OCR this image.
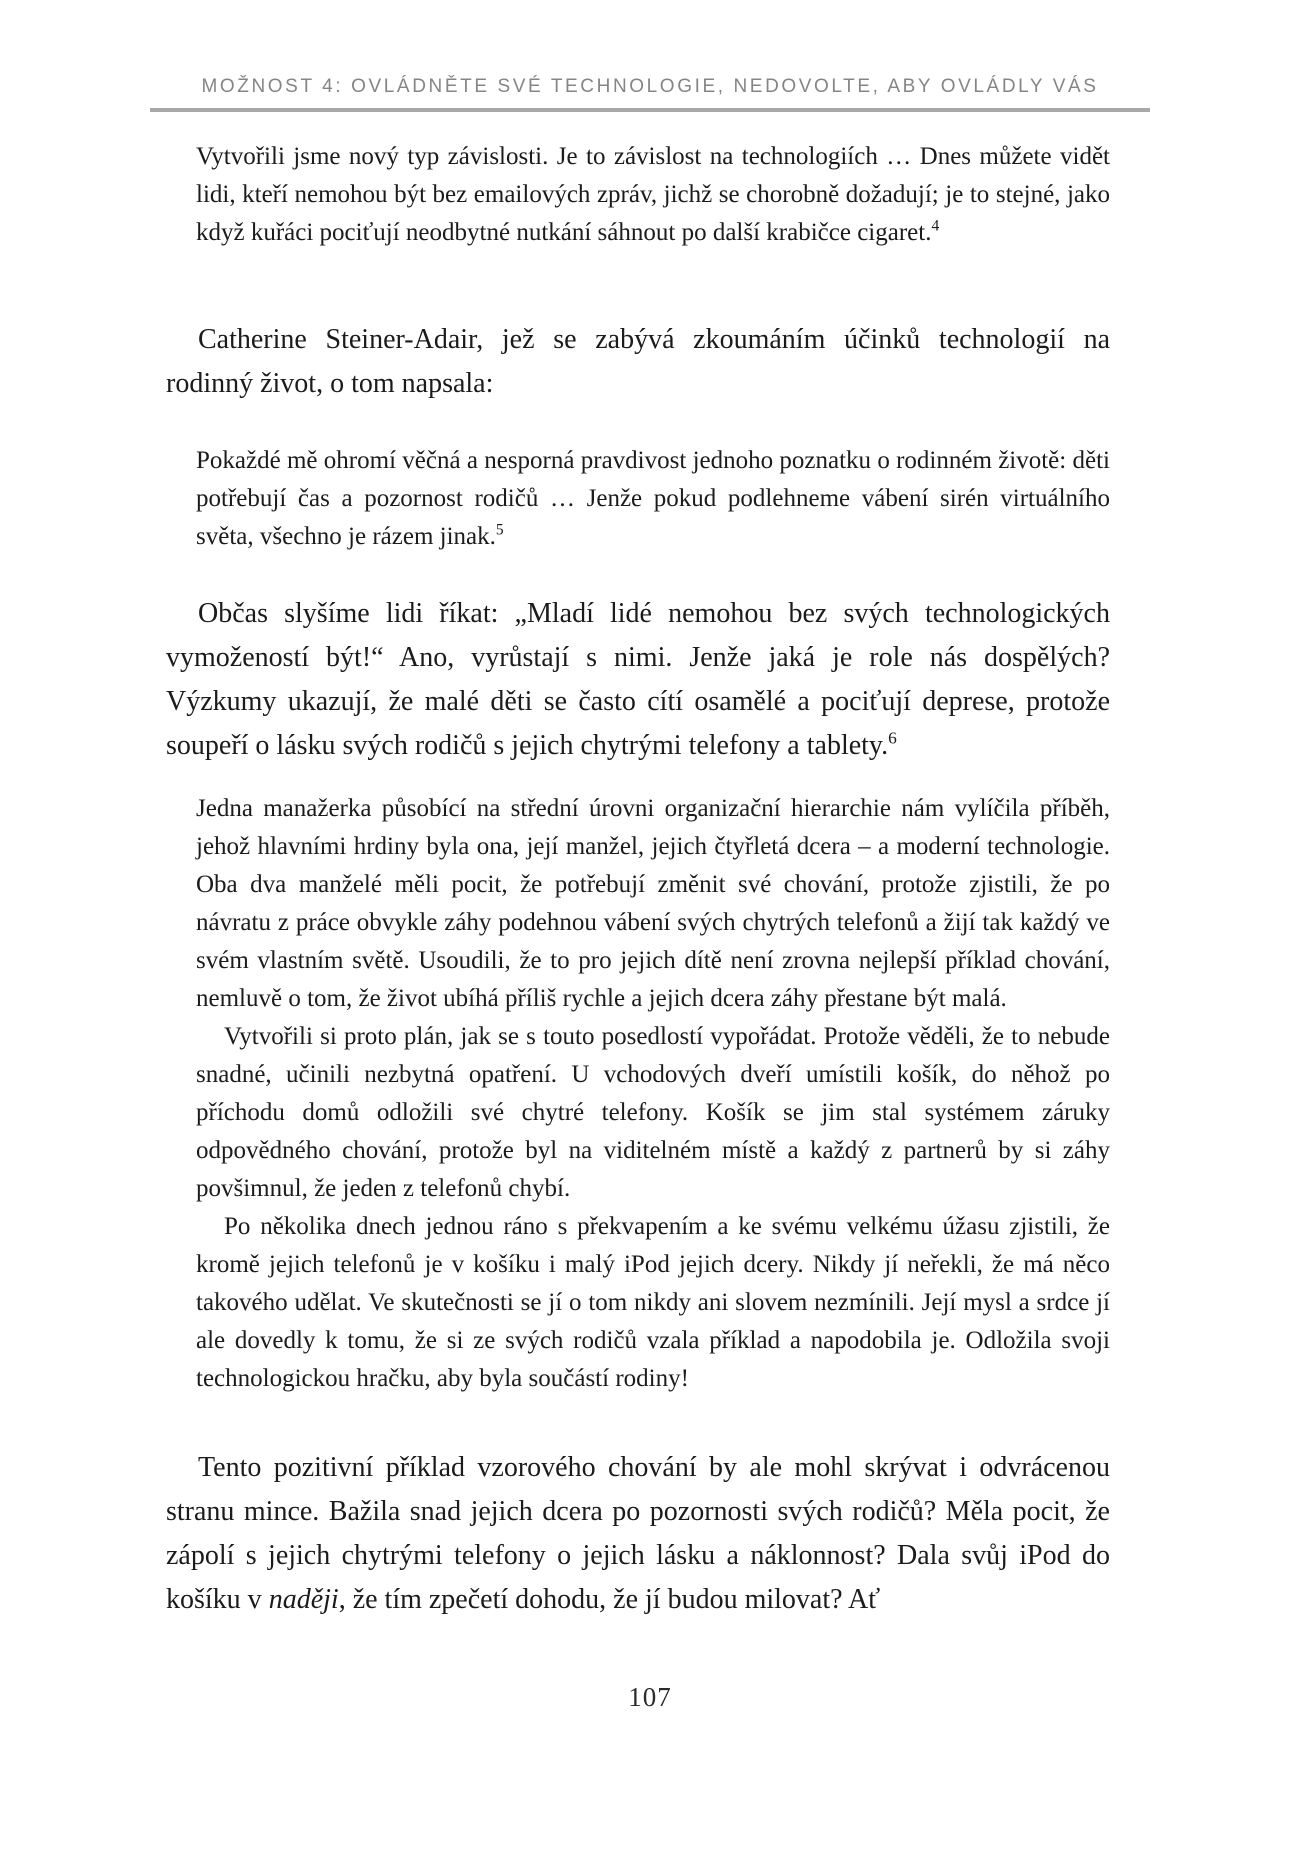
MOŽNOST 4: OVLÁDNĚTE SVÉ TECHNOLOGIE, NEDOVOLTE, ABY OVLÁDLY VÁS

Vytvořili jsme nový typ závislosti. Je to závislost na technologiích … Dnes můžete vidět lidi, kteří nemohou být bez emailových zpráv, jichž se chorobně dožadují; je to stejné, jako když kuřáci pociťují neodbytné nutkání sáhnout po další krabičce cigaret.$^4$

Catherine Steiner-Adair, jež se zabývá zkoumáním účinků technologií na rodinný život, o tom napsala:

Pokaždé mě ohromí věčná a nesporná pravdivost jednoho poznatku o rodinném životě: děti potřebují čas a pozornost rodičů … Jenže pokud podlehneme vábení sirén virtuálního světa, všechno je rázem jinak.$^5$

Občas slyšíme lidi říkat: „Mladí lidé nemohou bez svých technologických vymožeností být!“ Ano, vyrůstají s nimi. Jenže jaká je role nás dospělých? Výzkumy ukazují, že malé děti se často cítí osamělé a pociťují deprese, protože soupeří o lásku svých rodičů s jejich chytrými telefony a tablety.$^6$

Jedna manažerka působící na střední úrovni organizační hierarchie nám vylíčila příběh, jehož hlavními hrdiny byla ona, její manžel, jejich čtyřletá dcera – a moderní technologie. Oba dva manželé měli pocit, že potřebují změnit své chování, protože zjistili, že po návratu z práce obvykle záhy podehnou vábení svých chytrých telefonů a žijí tak každý ve svém vlastním světě. Usoudili, že to pro jejich dítě není zrovna nejlepší příklad chování, nemluvě o tom, že život ubíhá příliš rychle a jejich dcera záhy přestane být malá.

Vytvořili si proto plán, jak se s touto posedlostí vypořádat. Protože věděli, že to nebude snadné, učinili nezbytná opatření. U vchodových dveří umístili košík, do něhož po příchodu domů odložili své chytré telefony. Košík se jim stal systémem záruky odpovědného chování, protože byl na viditelném místě a každý z partnerů by si záhy povšimnul, že jeden z telefonů chybí.

Po několika dnech jednou ráno s překvapením a ke svému velkému úžasu zjistili, že kromě jejich telefonů je v košíku i malý iPod jejich dcery. Nikdy jí neřekli, že má něco takového udělat. Ve skutečnosti se jí o tom nikdy ani slovem nezmínili. Její mysl a srdce jí ale dovedly k tomu, že si ze svých rodičů vzala příklad a napodobila je. Odložila svoji technologickou hračku, aby byla součástí rodiny!

Tento pozitivní příklad vzorového chování by ale mohl skrývat i odvrácenou stranu mince. Bažila snad jejich dcera po pozornosti svých rodičů? Měla pocit, že zápolí s jejich chytrými telefony o jejich lásku a náklonnost? Dala svůj iPod do košíku v naději, že tím zpečetí dohodu, že jí budou milovat? Ať

107
